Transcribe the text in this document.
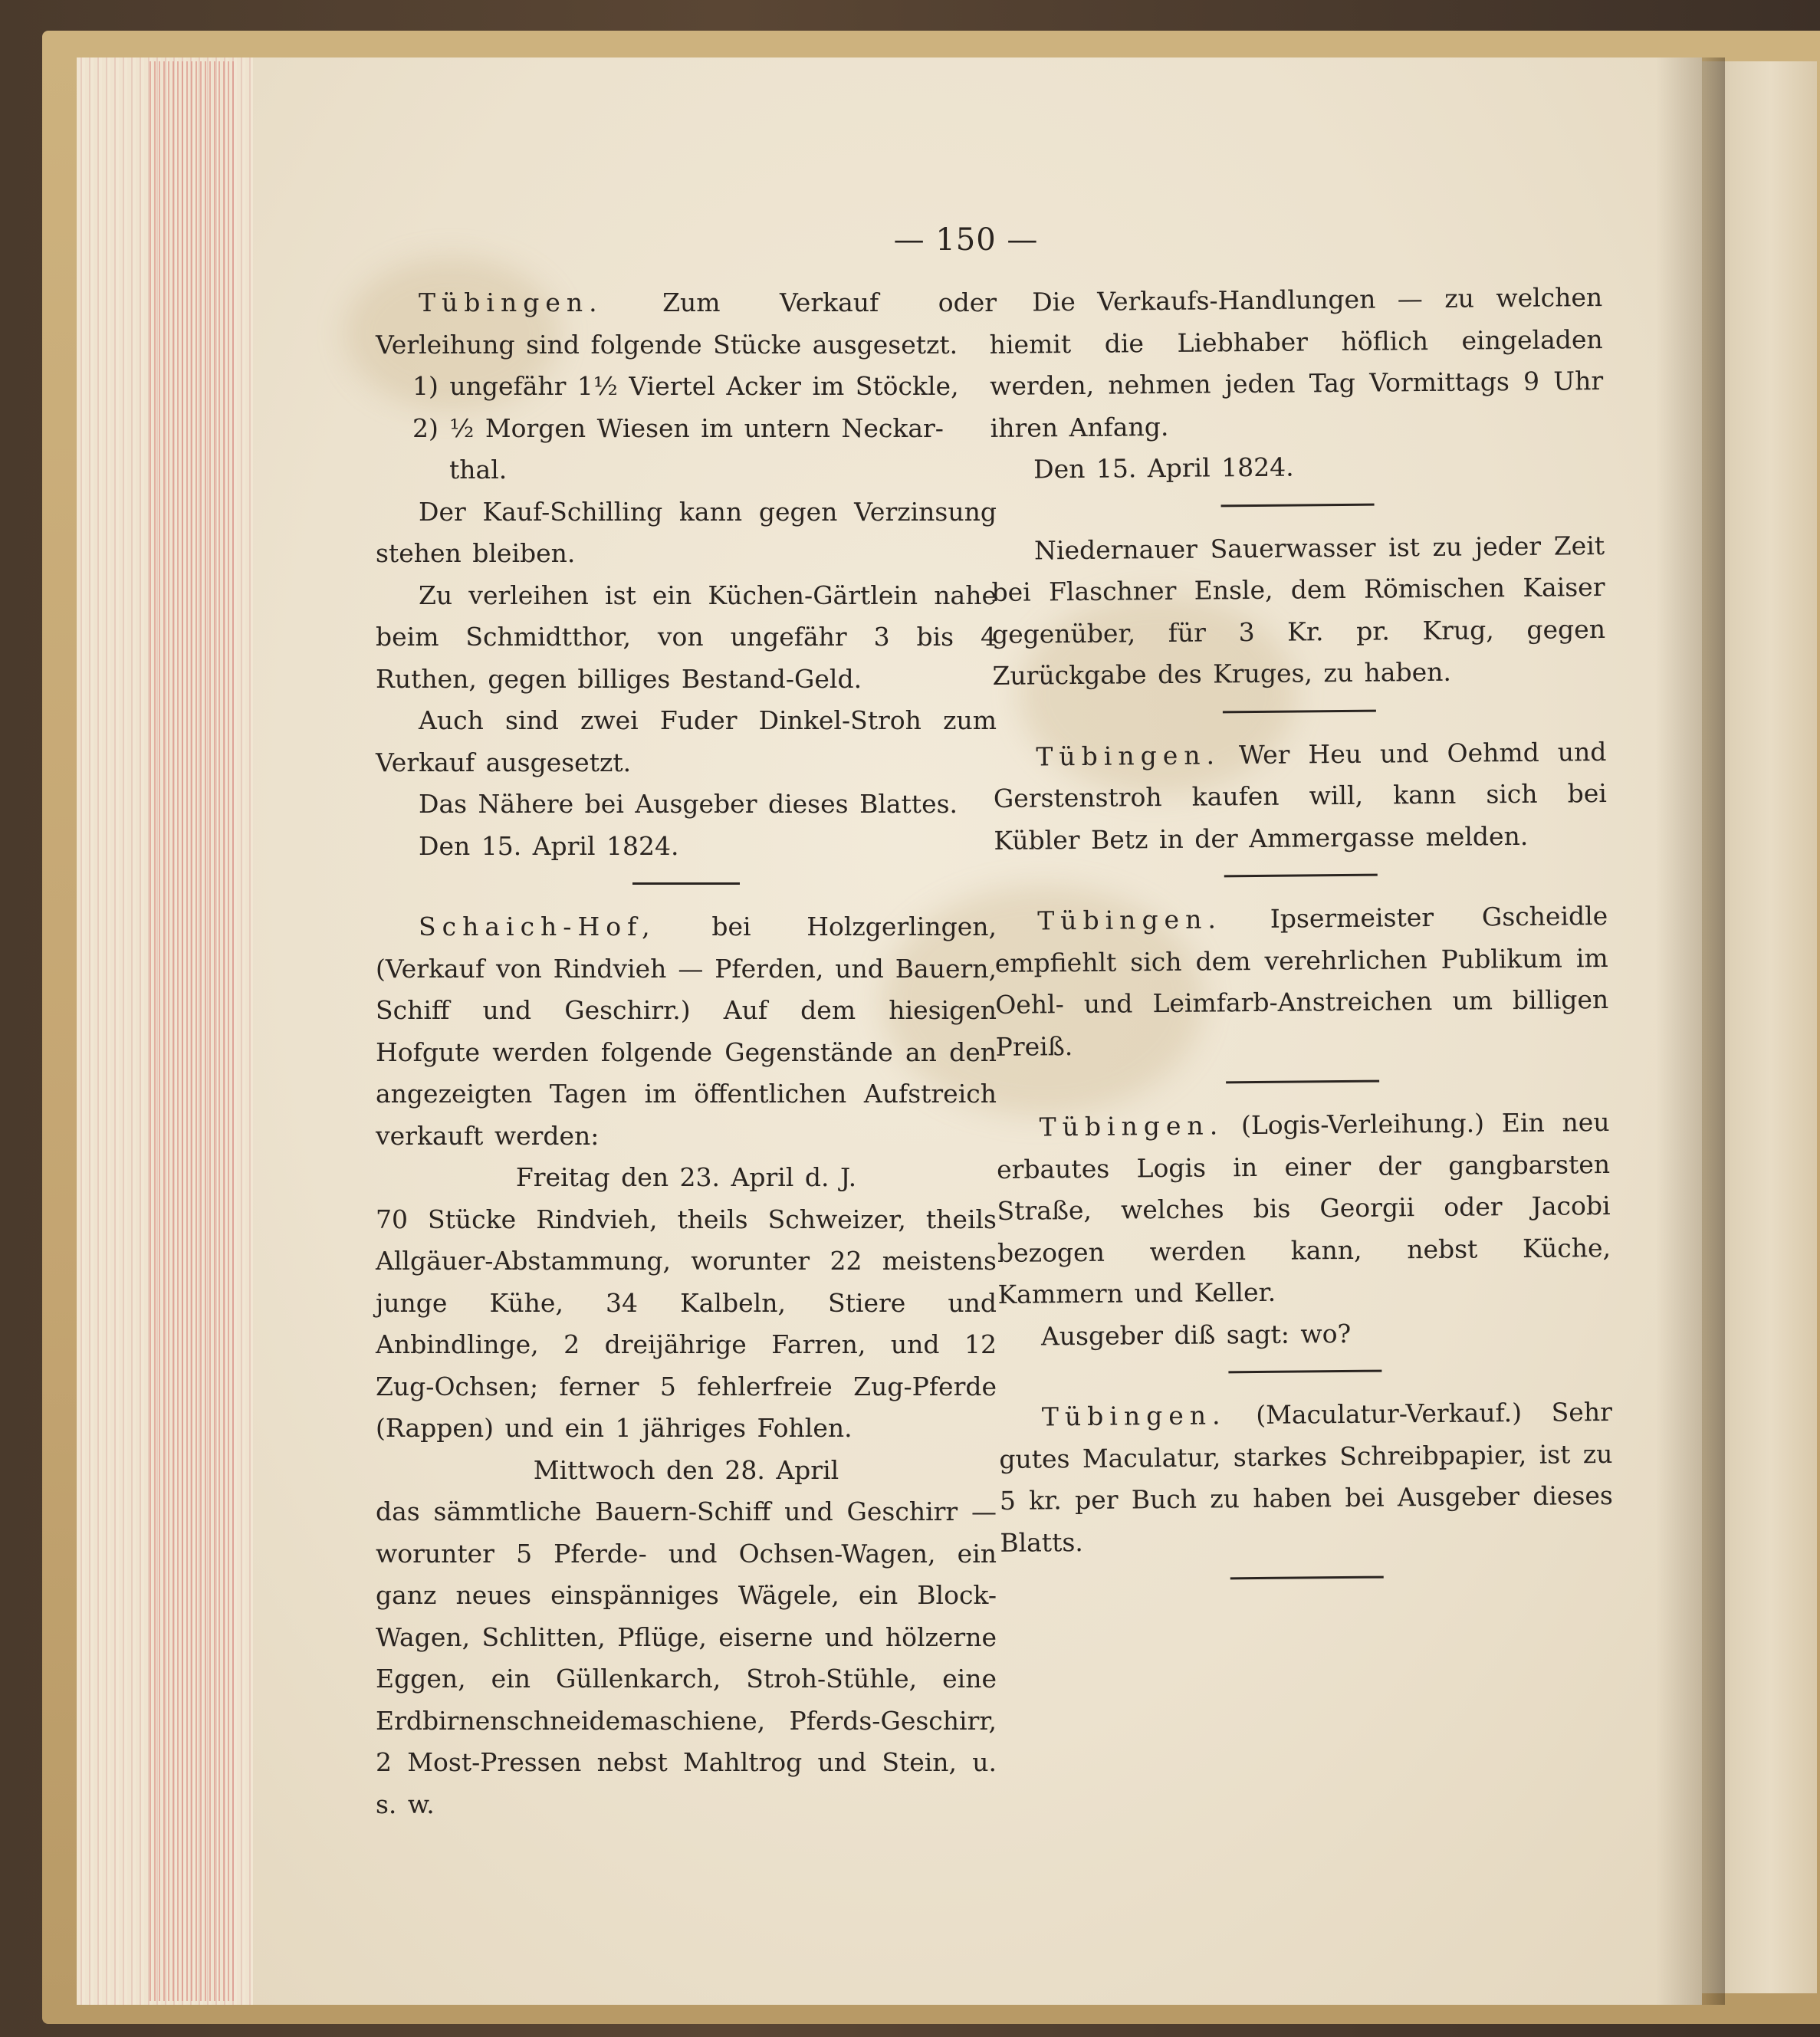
— 150 —

Tübingen. Zum Verkauf oder Verleihung sind folgende Stücke ausgesetzt.

1) ungefähr 1½ Viertel Acker im Stöckle,

2) ½ Morgen Wiesen im untern Neckar-

thal.

Der Kauf-Schilling kann gegen Verzinsung stehen bleiben.

Zu verleihen ist ein Küchen-Gärtlein nahe beim Schmidtthor, von ungefähr 3 bis 4 Ruthen, gegen billiges Bestand-Geld.

Auch sind zwei Fuder Dinkel-Stroh zum Verkauf ausgesetzt.

Das Nähere bei Ausgeber dieses Blattes.

Den 15. April 1824.

Schaich-Hof, bei Holzgerlingen, (Verkauf von Rindvieh — Pferden, und Bauern, Schiff und Geschirr.) Auf dem hiesigen Hofgute werden folgende Gegenstände an den angezeigten Tagen im öffentlichen Aufstreich verkauft werden:

Freitag den 23. April d. J.

70 Stücke Rindvieh, theils Schweizer, theils Allgäuer-Abstammung, worunter 22 meistens junge Kühe, 34 Kalbeln, Stiere und Anbindlinge, 2 dreijährige Farren, und 12 Zug-Ochsen; ferner 5 fehlerfreie Zug-Pferde (Rappen) und ein 1 jähriges Fohlen.

Mittwoch den 28. April

das sämmtliche Bauern-Schiff und Geschirr — worunter 5 Pferde- und Ochsen-Wagen, ein ganz neues einspänniges Wägele, ein Block-Wagen, Schlitten, Pflüge, eiserne und hölzerne Eggen, ein Güllenkarch, Stroh-Stühle, eine Erdbirnenschneidemaschiene, Pferds-Geschirr, 2 Most-Pressen nebst Mahltrog und Stein, u. s. w.

Die Verkaufs-Handlungen — zu welchen hiemit die Liebhaber höflich eingeladen werden, nehmen jeden Tag Vormittags 9 Uhr ihren Anfang.

Den 15. April 1824.

Niedernauer Sauerwasser ist zu jeder Zeit bei Flaschner Ensle, dem Römischen Kaiser gegenüber, für 3 Kr. pr. Krug, gegen Zurückgabe des Kruges, zu haben.

Tübingen. Wer Heu und Oehmd und Gerstenstroh kaufen will, kann sich bei Kübler Betz in der Ammergasse melden.

Tübingen. Ipsermeister Gscheidle empfiehlt sich dem verehrlichen Publikum im Oehl- und Leimfarb-Anstreichen um billigen Preiß.

Tübingen. (Logis-Verleihung.) Ein neu erbautes Logis in einer der gangbarsten Straße, welches bis Georgii oder Jacobi bezogen werden kann, nebst Küche, Kammern und Keller.

Ausgeber diß sagt: wo?

Tübingen. (Maculatur-Verkauf.) Sehr gutes Maculatur, starkes Schreibpapier, ist zu 5 kr. per Buch zu haben bei Ausgeber dieses Blatts.
